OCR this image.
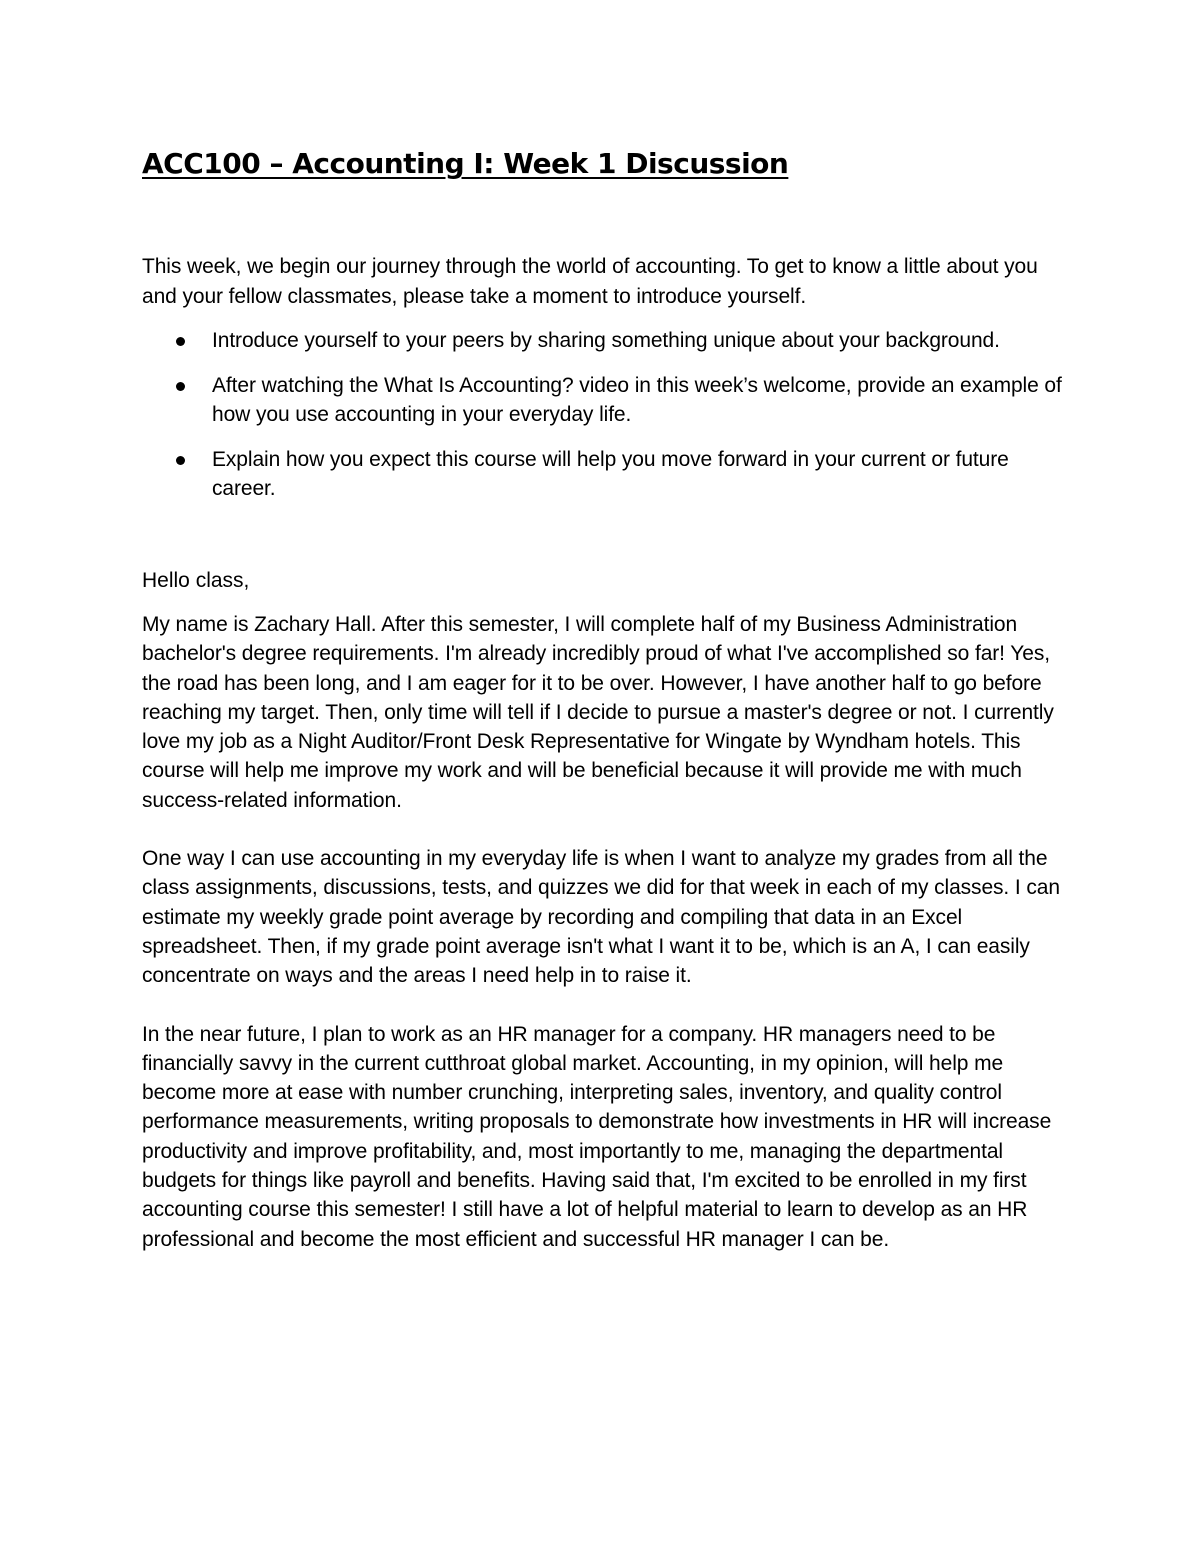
ACC100 – Accounting I: Week 1 Discussion

This week, we begin our journey through the world of accounting. To get to know a little about you and your fellow classmates, please take a moment to introduce yourself.

Introduce yourself to your peers by sharing something unique about your background.
After watching the What Is Accounting? video in this week’s welcome, provide an example of how you use accounting in your everyday life.
Explain how you expect this course will help you move forward in your current or future career.

Hello class,

My name is Zachary Hall. After this semester, I will complete half of my Business Administration bachelor's degree requirements. I'm already incredibly proud of what I've accomplished so far! Yes, the road has been long, and I am eager for it to be over. However, I have another half to go before reaching my target. Then, only time will tell if I decide to pursue a master's degree or not. I currently love my job as a Night Auditor/Front Desk Representative for Wingate by Wyndham hotels. This course will help me improve my work and will be beneficial because it will provide me with much success-related information.

One way I can use accounting in my everyday life is when I want to analyze my grades from all the class assignments, discussions, tests, and quizzes we did for that week in each of my classes. I can estimate my weekly grade point average by recording and compiling that data in an Excel spreadsheet. Then, if my grade point average isn't what I want it to be, which is an A, I can easily concentrate on ways and the areas I need help in to raise it.

In the near future, I plan to work as an HR manager for a company. HR managers need to be financially savvy in the current cutthroat global market. Accounting, in my opinion, will help me become more at ease with number crunching, interpreting sales, inventory, and quality control performance measurements, writing proposals to demonstrate how investments in HR will increase productivity and improve profitability, and, most importantly to me, managing the departmental budgets for things like payroll and benefits. Having said that, I'm excited to be enrolled in my first accounting course this semester! I still have a lot of helpful material to learn to develop as an HR professional and become the most efficient and successful HR manager I can be.
